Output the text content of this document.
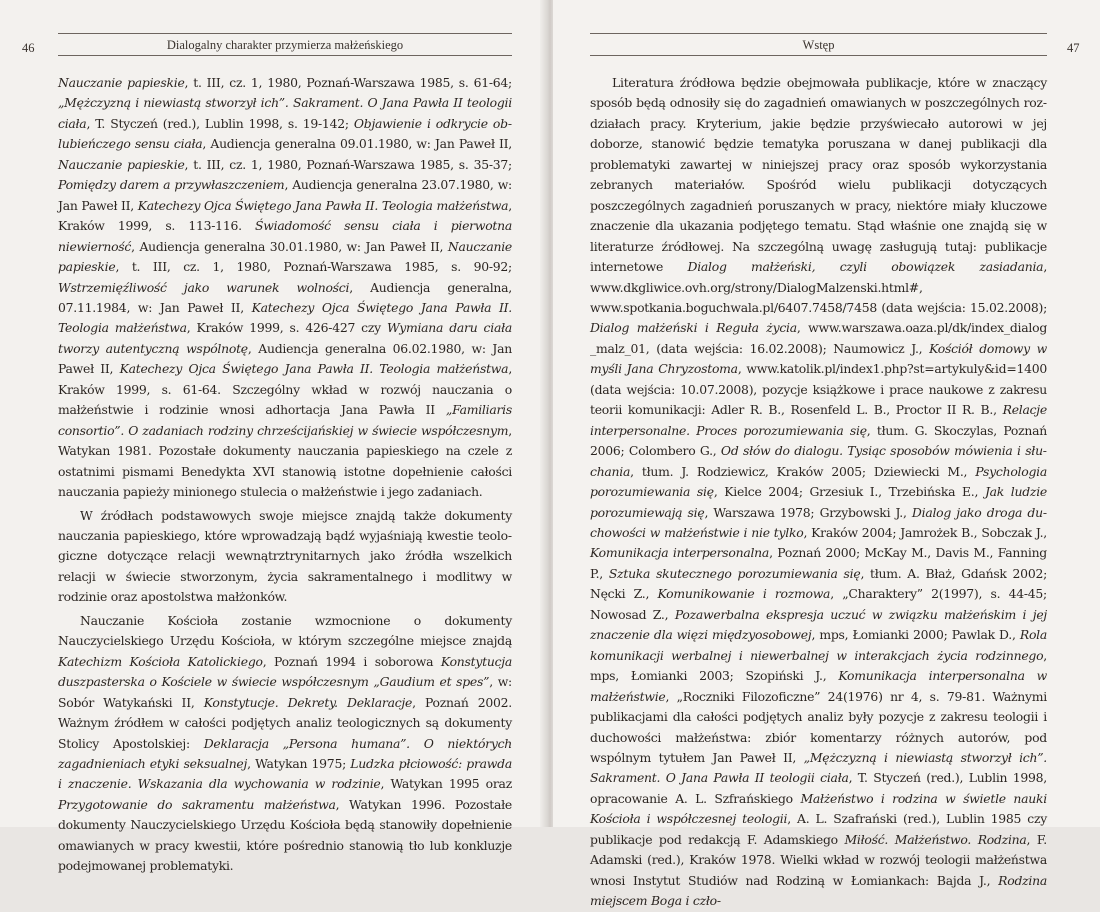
46	Dialogalny charakter przymierza małżeńskiego

Nauczanie papieskie, t. III, cz. 1, 1980, Poznań-Warszawa 1985, s. 61-64; „Mężczyzną i niewiastą stworzył ich”. Sakrament. O Jana Pawła II teologii ciała, T. Styczeń (red.), Lublin 1998, s. 19-142; Objawienie i odkrycie oblubieńczego sensu ciała, Audiencja generalna 09.01.1980, w: Jan Paweł II, Nauczanie papieskie, t. III, cz. 1, 1980, Poznań-Warszawa 1985, s. 35-37; Pomiędzy darem a przywłaszczeniem, Audiencja generalna 23.07.1980, w: Jan Paweł II, Katechezy Ojca Świętego Jana Pawła II. Teologia małżeństwa, Kraków 1999, s. 113-116. Świadomość sensu ciała i pierwotna niewierność, Audiencja generalna 30.01.1980, w: Jan Paweł II, Nauczanie papieskie, t. III, cz. 1, 1980, Poznań-Warszawa 1985, s. 90-92; Wstrzemięźliwość jako warunek wolności, Audiencja generalna, 07.11.1984, w: Jan Paweł II, Katechezy Ojca Świętego Jana Pawła II. Teologia małżeństwa, Kraków 1999, s. 426-427 czy Wymiana daru ciała tworzy autentyczną wspólnotę, Audiencja generalna 06.02.1980, w: Jan Paweł II, Katechezy Ojca Świętego Jana Pawła II. Teologia małżeństwa, Kraków 1999, s. 61-64. Szczególny wkład w rozwój nauczania o małżeństwie i rodzinie wnosi adhortacja Jana Pawła II „Familiaris consortio”. O zadaniach rodziny chrześcijańskiej w świecie współczesnym, Watykan 1981. Pozostałe dokumenty nauczania papieskiego na czele z ostatnimi pismami Benedykta XVI stanowią istotne dopełnienie całości nauczania papieży minionego stulecia o małżeństwie i jego zadaniach.

W źródłach podstawowych swoje miejsce znajdą także dokumenty nauczania papieskiego, które wprowadzają bądź wyjaśniają kwestie teologiczne dotyczące relacji wewnątrztrynitarnych jako źródła wszelkich relacji w świecie stworzonym, życia sakramentalnego i modlitwy w rodzinie oraz apostolstwa małżonków.

Nauczanie Kościoła zostanie wzmocnione o dokumenty Nauczycielskiego Urzędu Kościoła, w którym szczególne miejsce znajdą Katechizm Kościoła Katolickiego, Poznań 1994 i soborowa Konstytucja duszpasterska o Kościele w świecie współczesnym „Gaudium et spes”, w: Sobór Watykański II, Konstytucje. Dekrety. Deklaracje, Poznań 2002. Ważnym źródłem w całości podjętych analiz teologicznych są dokumenty Stolicy Apostolskiej: Deklaracja „Persona humana”. O niektórych zagadnieniach etyki seksualnej, Watykan 1975; Ludzka płciowość: prawda i znaczenie. Wskazania dla wychowania w rodzinie, Watykan 1995 oraz Przygotowanie do sakramentu małżeństwa, Watykan 1996. Pozostałe dokumenty Nauczycielskiego Urzędu Kościoła będą stanowiły dopełnienie omawianych w pracy kwestii, które pośrednio stanowią tło lub konkluzje podejmowanej problematyki.

Wstęp	47

Literatura źródłowa będzie obejmowała publikacje, które w znaczący sposób będą odnosiły się do zagadnień omawianych w poszczególnych rozdziałach pracy. Kryterium, jakie będzie przyświecało autorowi w jej doborze, stanowić będzie tematyka poruszana w danej publikacji dla problematyki zawartej w niniejszej pracy oraz sposób wykorzystania zebranych materiałów. Spośród wielu publikacji dotyczących poszczególnych zagadnień poruszanych w pracy, niektóre miały kluczowe znaczenie dla ukazania podjętego tematu. Stąd właśnie one znajdą się w literaturze źródłowej. Na szczególną uwagę zasługują tutaj: publikacje internetowe Dialog małżeński, czyli obowiązek zasiadania, www.dkgliwice.ovh.org/strony/DialogMalzenski.html#, www.spotkania.boguchwala.pl/6407.7458/7458 (data wejścia: 15.02.2008); Dialog małżeński i Reguła życia, www.warszawa.oaza.pl/dk/index_dialog _malz_01, (data wejścia: 16.02.2008); Naumowicz J., Kościół domowy w myśli Jana Chryzostoma, www.katolik.pl/index1.php?st=artykuly&id=1400 (data wejścia: 10.07.2008), pozycje książkowe i prace naukowe z zakresu teorii komunikacji: Adler R. B., Rosenfeld L. B., Proctor II R. B., Relacje interpersonalne. Proces porozumiewania się, tłum. G. Skoczylas, Poznań 2006; Colombero G., Od słów do dialogu. Tysiąc sposobów mówienia i słuchania, tłum. J. Rodziewicz, Kraków 2005; Dziewiecki M., Psychologia porozumiewania się, Kielce 2004; Grzesiuk I., Trzebińska E., Jak ludzie porozumiewają się, Warszawa 1978; Grzybowski J., Dialog jako droga duchowości w małżeństwie i nie tylko, Kraków 2004; Jamrożek B., Sobczak J., Komunikacja interpersonalna, Poznań 2000; McKay M., Davis M., Fanning P., Sztuka skutecznego porozumiewania się, tłum. A. Błaż, Gdańsk 2002; Nęcki Z., Komunikowanie i rozmowa, „Charaktery” 2(1997), s. 44-45; Nowosad Z., Pozawerbalna ekspresja uczuć w związku małżeńskim i jej znaczenie dla więzi międzyosobowej, mps, Łomianki 2000; Pawlak D., Rola komunikacji werbalnej i niewerbalnej w interakcjach życia rodzinnego, mps, Łomianki 2003; Szopiński J., Komunikacja interpersonalna w małżeństwie, „Roczniki Filozoficzne” 24(1976) nr 4, s. 79-81. Ważnymi publikacjami dla całości podjętych analiz były pozycje z zakresu teologii i duchowości małżeństwa: zbiór komentarzy różnych autorów, pod wspólnym tytułem Jan Paweł II, „Mężczyzną i niewiastą stworzył ich”. Sakrament. O Jana Pawła II teologii ciała, T. Styczeń (red.), Lublin 1998, opracowanie A. L. Szfrańskiego Małżeństwo i rodzina w świetle nauki Kościoła i współczesnej teologii, A. L. Szafrański (red.), Lublin 1985 czy publikacje pod redakcją F. Adamskiego Miłość. Małżeństwo. Rodzina, F. Adamski (red.), Kraków 1978. Wielki wkład w rozwój teologii małżeństwa wnosi Instytut Studiów nad Rodziną w Łomiankach: Bajda J., Rodzina miejscem Boga i czło-
